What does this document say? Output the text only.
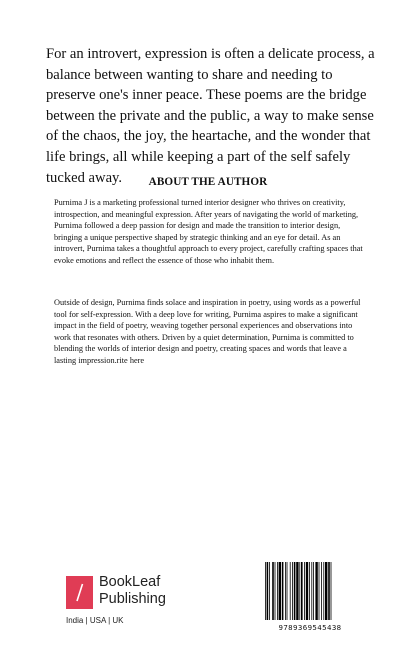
For an introvert, expression is often a delicate process, a balance between wanting to share and needing to preserve one's inner peace. These poems are the bridge between the private and the public, a way to make sense of the chaos, the joy, the heartache, and the wonder that life brings, all while keeping a part of the self safely tucked away.	ABOUT THE AUTHOR

Purnima J is a marketing professional turned interior designer who thrives on creativity, introspection, and meaningful expression. After years of navigating the world of marketing, Purnima followed a deep passion for design and made the transition to interior design, bringing a unique perspective shaped by strategic thinking and an eye for detail. As an introvert, Purnima takes a thoughtful approach to every project, carefully crafting spaces that evoke emotions and reflect the essence of those who inhabit them.

Outside of design, Purnima finds solace and inspiration in poetry, using words as a powerful tool for self-expression. With a deep love for writing, Purnima aspires to make a significant impact in the field of poetry, weaving together personal experiences and observations into work that resonates with others. Driven by a quiet determination, Purnima is committed to blending the worlds of interior design and poetry, creating spaces and words that leave a lasting impression.rite here

BookLeaf
Publishing
India | USA | UK
9789369545438
